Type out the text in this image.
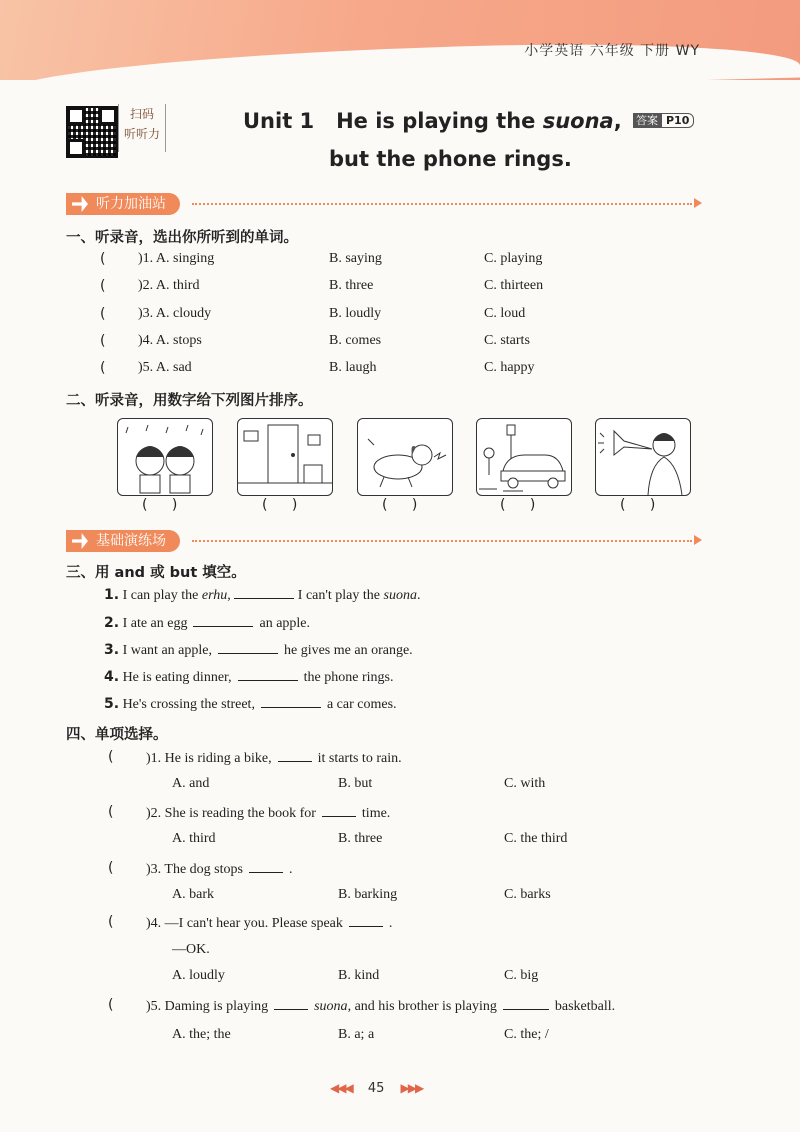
小学英语 六年级 下册 WY
扫码
听听力
Unit 1 He is playing the suona,
but the phone rings.
答案 P10
听力加油站
一、听录音，选出你所听到的单词。
( )1. A. singing	B. saying	C. playing
( )2. A. third	B. three	C. thirteen
( )3. A. cloudy	B. loudly	C. loud
( )4. A. stops	B. comes	C. starts
( )5. A. sad	B. laugh	C. happy
二、听录音，用数字给下列图片排序。
( )	( )	( )	( )	( )
基础演练场
三、用 and 或 but 填空。
1. I can play the erhu,	I can't play the suona.
2. I ate an egg	an apple.
3. I want an apple,	he gives me an orange.
4. He is eating dinner,	the phone rings.
5. He's crossing the street,	a car comes.
四、单项选择。
( )1. He is riding a bike,	it starts to rain.
A. and	B. but	C. with
( )2. She is reading the book for	time.
A. third	B. three	C. the third
( )3. The dog stops	.
A. bark	B. barking	C. barks
( )4. —I can't hear you. Please speak	.
—OK.
A. loudly	B. kind	C. big
( )5. Daming is playing	suona, and his brother is playing	basketball.
A. the; the	B. a; a	C. the; /
◀◀◀ 45 ▶▶▶
